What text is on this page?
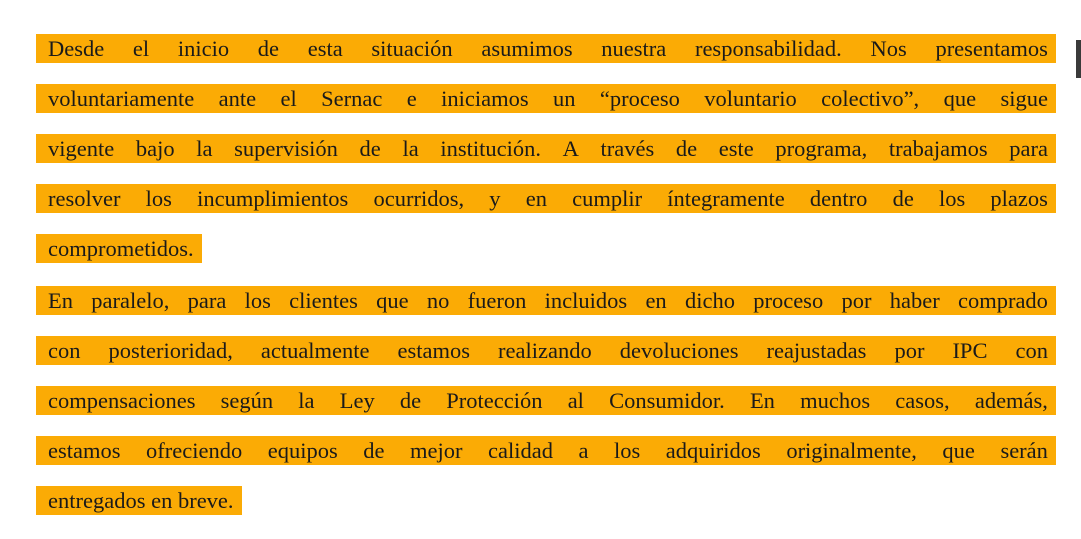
Desde el inicio de esta situación asumimos nuestra responsabilidad. Nos presentamos
voluntariamente ante el Sernac e iniciamos un “proceso voluntario colectivo”, que sigue
vigente bajo la supervisión de la institución. A través de este programa, trabajamos para
resolver los incumplimientos ocurridos, y en cumplir íntegramente dentro de los plazos
comprometidos.
En paralelo, para los clientes que no fueron incluidos en dicho proceso por haber comprado
con posterioridad, actualmente estamos realizando devoluciones reajustadas por IPC con
compensaciones según la Ley de Protección al Consumidor. En muchos casos, además,
estamos ofreciendo equipos de mejor calidad a los adquiridos originalmente, que serán
entregados en breve.
